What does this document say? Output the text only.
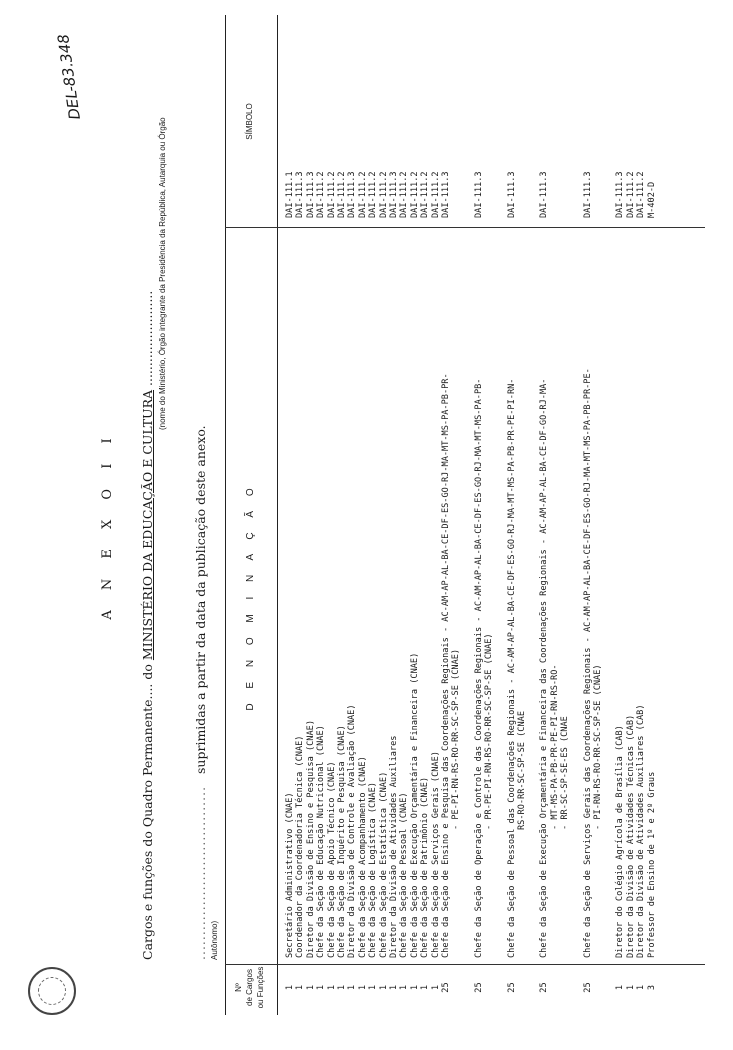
DEL-83.348
A N E X O I I
Cargos e funções do Quadro Permanente.... do MINISTÉRIO DA EDUCAÇÃO E CULTURA ........................ (nome do Ministério, Órgão integrante da Presidência da República, Autarquia ou Órgão
...................................   suprimidas a partir da data da publicação deste anexo.
Autônomo)
Nº de Cargos ou Funções
D E N O M I N A Ç Ã O
SÍMBOLO
1
Secretário Administrativo (CNAE)
DAI-111.1
1
Coordenador da Coordenadoria Técnica (CNAE)
DAI-111.3
1
Diretor da Divisão de Ensino e Pesquisa (CNAE)
DAI-111.3
1
Chefe da Seção de Educação Nutricional (CNAE)
DAI-111.2
1
Chefe da Seção de Apoio Técnico (CNAE)
DAI-111.2
1
Chefe da Seção de Inquérito e Pesquisa (CNAE)
DAI-111.2
1
Diretor da Divisão de Controle e Avaliação (CNAE)
DAI-111.3
1
Chefe da Seção de Acompanhamento (CNAE)
DAI-111.2
1
Chefe da Seção de Logística (CNAE)
DAI-111.2
1
Chefe da Seção de Estatística (CNAE)
DAI-111.2
1
Diretor da Divisão de Atividades Auxiliares
DAI-111.3
1
Chefe da Seção de Pessoal (CNAE)
DAI-111.2
1
Chefe da Seção de Execução Orçamentária e Financeira (CNAE)
DAI-111.2
1
Chefe da Seção de Patrimônio (CNAE)
DAI-111.2
1
Chefe da Seção de Serviços Gerais (CNAE)
DAI-111.2
25
Chefe da Seção de Ensino e Pesquisa das Coordenações Regionais - AC-AM-AP-AL-BA-CE-DF-ES-GO-RJ-MA-MT-MS-PA-PB-PR- - PE-PI-RN-RS-RO-RR-SC-SP-SE (CNAE)
DAI-111.3
25
Chefe da Seção de Operação e Controle das Coordenações Regionais - AC-AM-AP-AL-BA-CE-DF-ES-GO-RJ-MA-MT-MS-PA-PB- - PR-PE-PI-RN-RS-RO-RR-SC-SP-SE (CNAE)
DAI-111.3
25
Chefe da Seção de Pessoal das Coordenações Regionais - AC-AM-AP-AL-BA-CE-DF-ES-GO-RJ-MA-MT-MS-PA-PB-PR-PE-PI-RN- RS-RO-RR-SC-SP-SE (CNAE
DAI-111.3
25
Chefe da Seção de Execução Orçamentária e Financeira das Coordenações Regionais - AC-AM-AP-AL-BA-CE-DF-GO-RJ-MA- - MT-MS-PA-PB-PR-PE-PI-RN-RS-RO- - RR-SC-SP-SE-ES (CNAE
DAI-111.3
25
Chefe da Seção de Serviços Gerais das Coordenações Regionais - AC-AM-AP-AL-BA-CE-DF-ES-GO-RJ-MA-MT-MS-PA-PB-PR-PE- - PI-RN-RS-RO-RR-SC-SP-SE (CNAE)
DAI-111.3
1
Diretor do Colégio Agrícola de Brasília (CAB)
DAI-111.3
1
Diretor da Divisão de Atividades Técnicas (CAB)
DAI-111.2
1
Diretor da Divisão de Atividades Auxiliares (CAB)
DAI-111.2
3
Professor de Ensino de 1º e 2º Graus
M-402-D
